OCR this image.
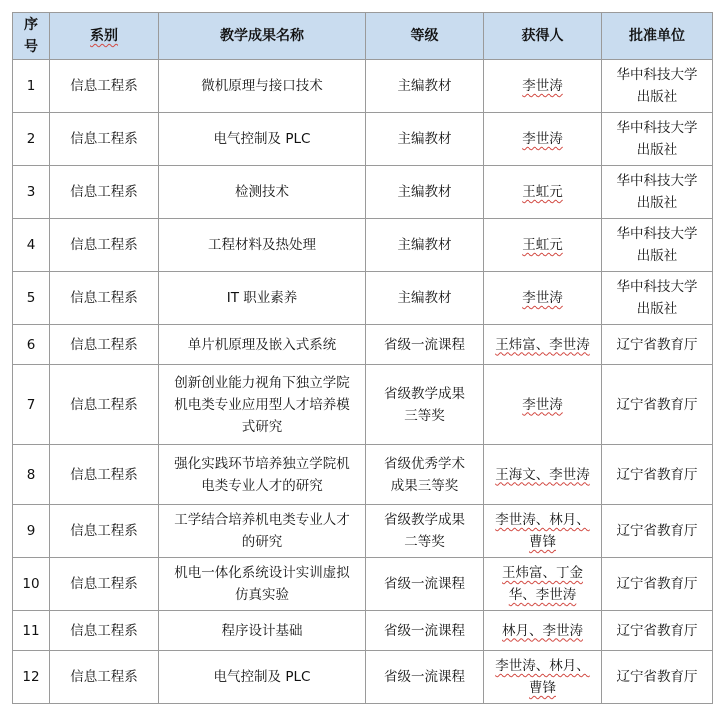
序号	系别	教学成果名称	等级	获得人	批准单位
1	信息工程系	微机原理与接口技术	主编教材	李世涛	华中科技大学出版社
2	信息工程系	电气控制及 PLC	主编教材	李世涛	华中科技大学出版社
3	信息工程系	检测技术	主编教材	王虹元	华中科技大学出版社
4	信息工程系	工程材料及热处理	主编教材	王虹元	华中科技大学出版社
5	信息工程系	IT 职业素养	主编教材	李世涛	华中科技大学出版社
6	信息工程系	单片机原理及嵌入式系统	省级一流课程	王炜富、李世涛	辽宁省教育厅
7	信息工程系	创新创业能力视角下独立学院机电类专业应用型人才培养模式研究	省级教学成果三等奖	李世涛	辽宁省教育厅
8	信息工程系	强化实践环节培养独立学院机电类专业人才的研究	省级优秀学术成果三等奖	王海文、李世涛	辽宁省教育厅
9	信息工程系	工学结合培养机电类专业人才的研究	省级教学成果二等奖	李世涛、林月、曹锋	辽宁省教育厅
10	信息工程系	机电一体化系统设计实训虚拟仿真实验	省级一流课程	王炜富、丁金华、李世涛	辽宁省教育厅
11	信息工程系	程序设计基础	省级一流课程	林月、李世涛	辽宁省教育厅
12	信息工程系	电气控制及 PLC	省级一流课程	李世涛、林月、曹锋	辽宁省教育厅
